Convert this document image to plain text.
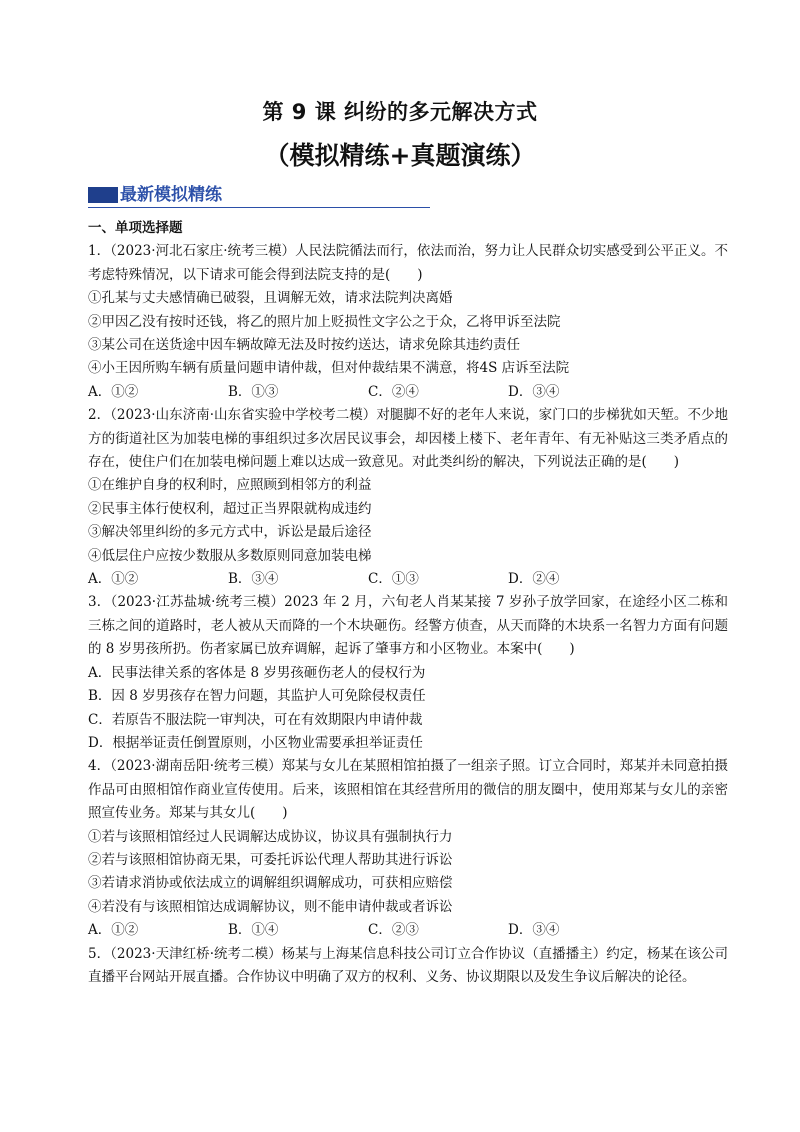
第 9 课 纠纷的多元解决方式
（模拟精练+真题演练）
最新模拟精练
一、单项选择题
1．（2023·河北石家庄·统考三模）人民法院循法而行，依法而治，努力让人民群众切实感受到公平正义。不考虑特殊情况，以下请求可能会得到法院支持的是(　　)
①孔某与丈夫感情确已破裂，且调解无效，请求法院判决离婚
②甲因乙没有按时还钱，将乙的照片加上贬损性文字公之于众，乙将甲诉至法院
③某公司在送货途中因车辆故障无法及时按约送达，请求免除其违约责任
④小王因所购车辆有质量问题申请仲裁，但对仲裁结果不满意，将4S 店诉至法院
A．①②	B．①③	C．②④	D．③④
2．（2023·山东济南·山东省实验中学校考二模）对腿脚不好的老年人来说，家门口的步梯犹如天堑。不少地方的街道社区为加装电梯的事组织过多次居民议事会，却因楼上楼下、老年青年、有无补贴这三类矛盾点的存在，使住户们在加装电梯问题上难以达成一致意见。对此类纠纷的解决，下列说法正确的是(　　)
①在维护自身的权利时，应照顾到相邻方的利益
②民事主体行使权利，超过正当界限就构成违约
③解决邻里纠纷的多元方式中，诉讼是最后途径
④低层住户应按少数服从多数原则同意加装电梯
A．①②	B．③④	C．①③	D．②④
3．（2023·江苏盐城·统考三模）2023 年 2 月，六旬老人肖某某接 7 岁孙子放学回家，在途经小区二栋和三栋之间的道路时，老人被从天而降的一个木块砸伤。经警方侦查，从天而降的木块系一名智力方面有问题的 8 岁男孩所扔。伤者家属已放弃调解，起诉了肇事方和小区物业。本案中(　　)
A．民事法律关系的客体是 8 岁男孩砸伤老人的侵权行为
B．因 8 岁男孩存在智力问题，其监护人可免除侵权责任
C．若原告不服法院一审判决，可在有效期限内申请仲裁
D．根据举证责任倒置原则，小区物业需要承担举证责任
4．（2023·湖南岳阳·统考三模）郑某与女儿在某照相馆拍摄了一组亲子照。订立合同时，郑某并未同意拍摄作品可由照相馆作商业宣传使用。后来，该照相馆在其经营所用的微信的朋友圈中，使用郑某与女儿的亲密照宣传业务。郑某与其女儿(　　)
①若与该照相馆经过人民调解达成协议，协议具有强制执行力
②若与该照相馆协商无果，可委托诉讼代理人帮助其进行诉讼
③若请求消协或依法成立的调解组织调解成功，可获相应赔偿
④若没有与该照相馆达成调解协议，则不能申请仲裁或者诉讼
A．①②	B．①④	C．②③	D．③④
5．（2023·天津红桥·统考二模）杨某与上海某信息科技公司订立合作协议（直播播主）约定，杨某在该公司直播平台网站开展直播。合作协议中明确了双方的权利、义务、协议期限以及发生争议后解决的论径。
